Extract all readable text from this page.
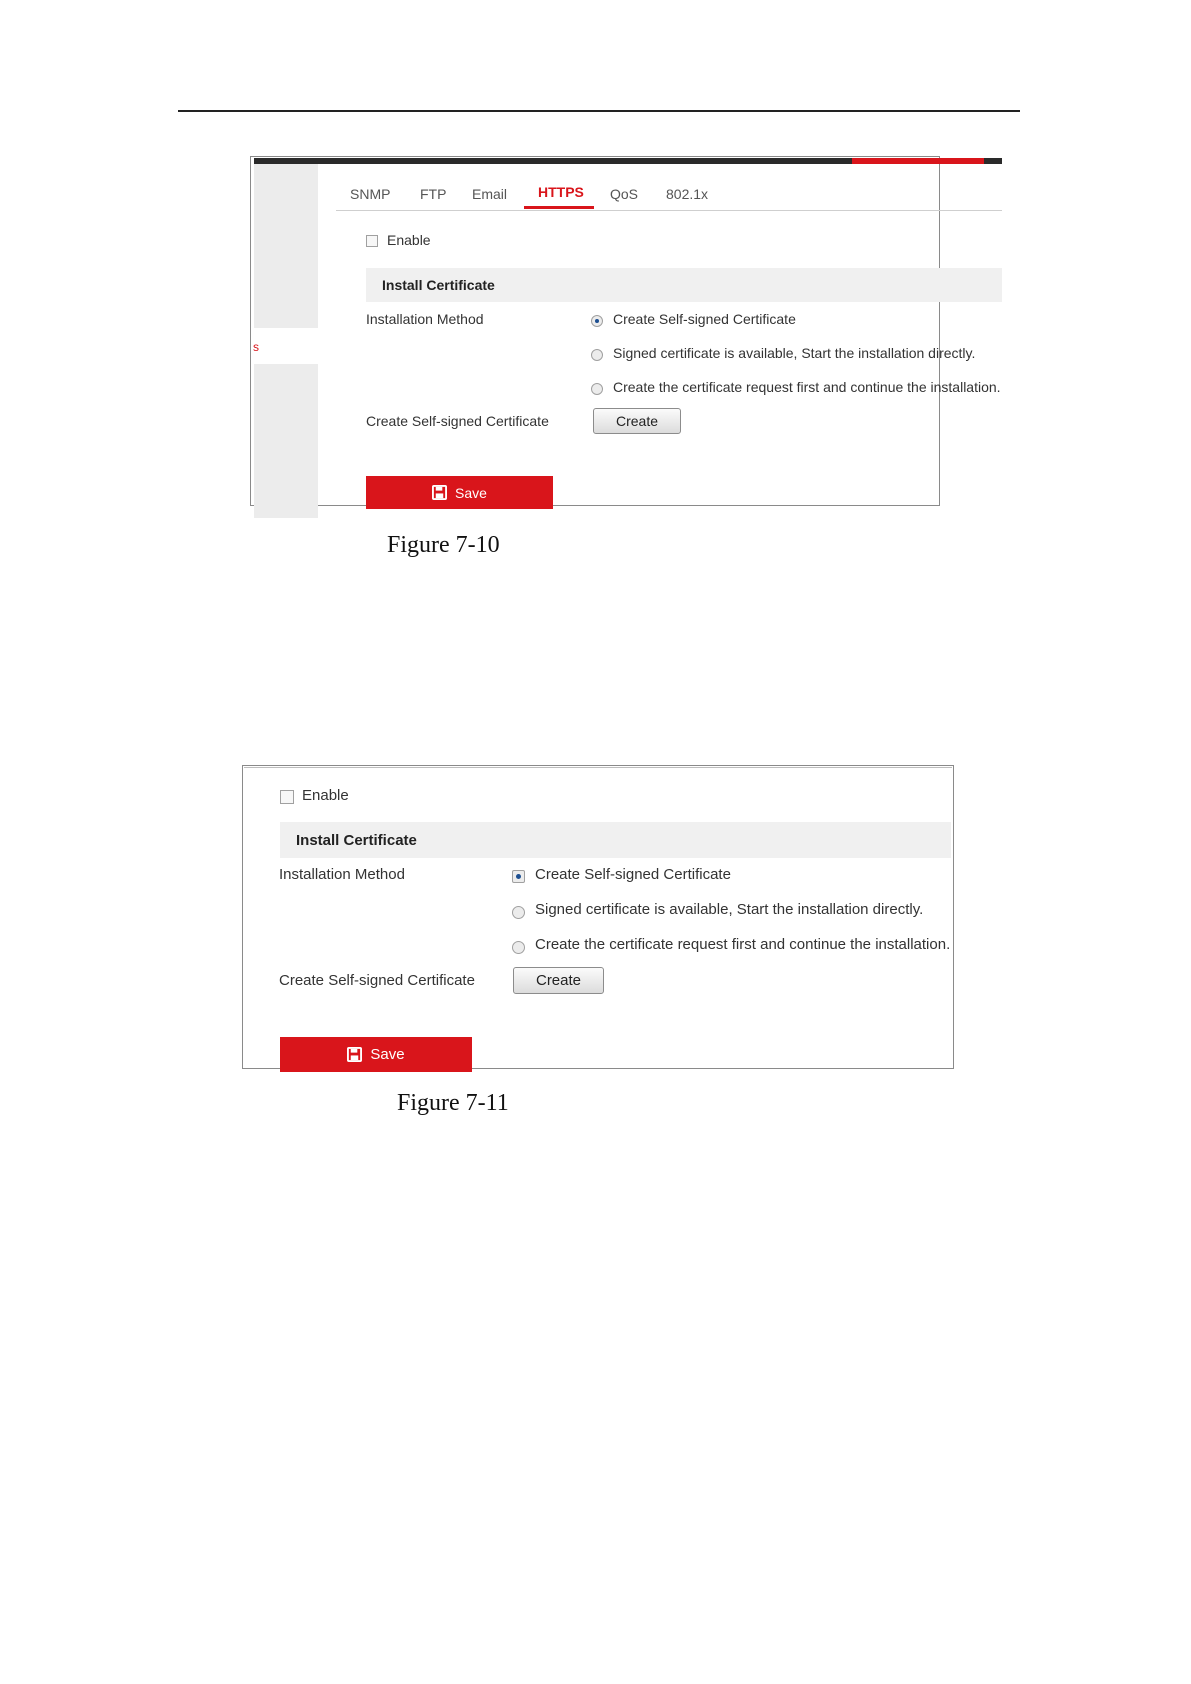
s
SNMP FTP Email HTTPS QoS 802.1x
Enable
Install Certificate
Installation Method	Create Self-signed Certificate
Signed certificate is available, Start the installation directly.
Create the certificate request first and continue the installation.
Create Self-signed Certificate	Create
Save
Figure 7-10
Enable
Install Certificate
Installation Method	Create Self-signed Certificate
Signed certificate is available, Start the installation directly.
Create the certificate request first and continue the installation.
Create Self-signed Certificate	Create
Save
Figure 7-11
